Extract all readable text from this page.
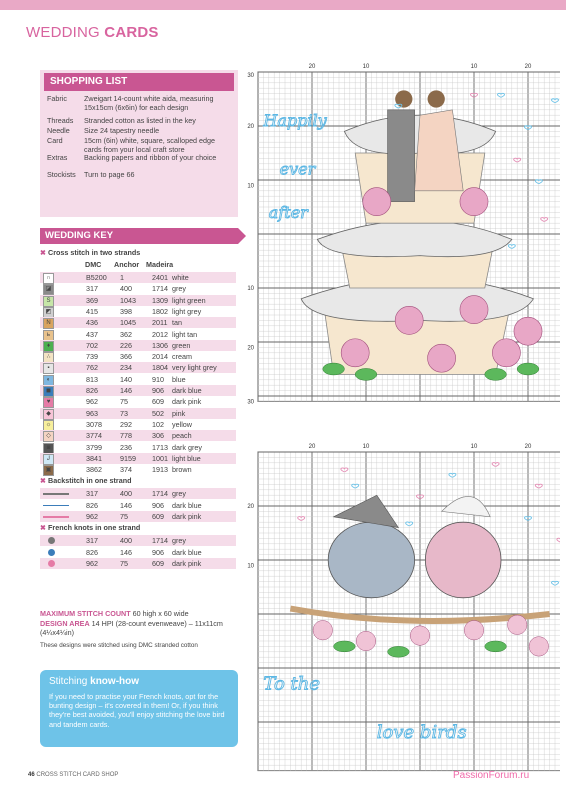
WEDDING CARDS
SHOPPING LIST
Fabric	Zweigart 14-count white aida, measuring 15x15cm (6x6in) for each design
Threads	Stranded cotton as listed in the key
Needle	Size 24 tapestry needle
Card	15cm (6in) white, square, scalloped edge cards from your local craft store
Extras	Backing papers and ribbon of your choice
Stockists	Turn to page 66
WEDDING KEY
✖ Cross stitch in two strands
DMC Anchor Madeira
∩	B5200 1	2401 white
◪	317	400	1714 grey
S	369	1043 1309 light green
◩	415	398	1802 light grey
N	436	1045 2011 tan
ь	437	362	2012 light tan
♦	702	226	1306 green
∴	739	366	2014 cream
▪	762	234	1804 very light grey
◐	813	140	910 blue
◼	826	146	906 dark blue
♥	962	75	609 dark pink
◆	963	73	502 pink
☼	3078	292	102 yellow
◇	3774	778	306 peach
◙	3799	236	1713 dark grey
Ꭻ	3841	9159 1001 light blue
▣	3862	374	1913 brown
✖ Backstitch in one strand
317	400	1714 grey
826	146	906 dark blue
962	75	609 dark pink
✖ French knots in one strand
317	400	1714 grey
826	146	906 dark blue
962	75	609 dark pink
MAXIMUM STITCH COUNT 60 high x 60 wide
DESIGN AREA 14 HPI (28-count evenweave) – 11x11cm (4¼x4¼in)
These designs were stitched using DMC stranded cotton
Stitching know-how
If you need to practise your French knots, opt for the bunting design – it's covered in them! Or, if you think they're best avoided, you'll enjoy stitching the love bird and tandem cards.
20	10	10	20
30
20
10
10
20
30
Happily
ever
after
20	10	10	20
20
10
To the
love birds
46 CROSS STITCH CARD SHOP	PassionForum.ru
